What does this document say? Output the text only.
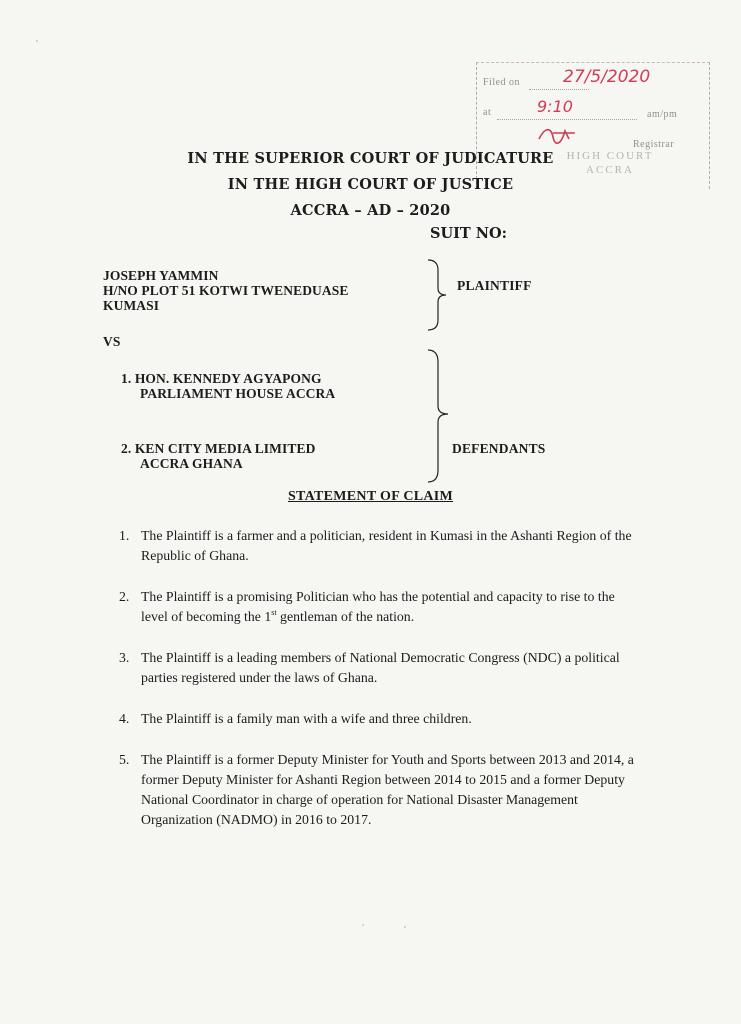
Filed on	27/5/2020
at	9:10	am/pm
Registrar
HIGH COURT
ACCRA
IN THE SUPERIOR COURT OF JUDICATURE
IN THE HIGH COURT OF JUSTICE
ACCRA – AD – 2020
SUIT NO:
JOSEPH YAMMIN
H/NO PLOT 51 KOTWI TWENEDUASE
KUMASI
PLAINTIFF
VS
1. HON. KENNEDY AGYAPONG
PARLIAMENT HOUSE ACCRA
2. KEN CITY MEDIA LIMITED
ACCRA GHANA
DEFENDANTS
STATEMENT OF CLAIM
1. The Plaintiff is a farmer and a politician, resident in Kumasi in the Ashanti Region of the Republic of Ghana.
2. The Plaintiff is a promising Politician who has the potential and capacity to rise to the level of becoming the 1st gentleman of the nation.
3. The Plaintiff is a leading members of National Democratic Congress (NDC) a political parties registered under the laws of Ghana.
4. The Plaintiff is a family man with a wife and three children.
5. The Plaintiff is a former Deputy Minister for Youth and Sports between 2013 and 2014, a former Deputy Minister for Ashanti Region between 2014 to 2015 and a former Deputy National Coordinator in charge of operation for National Disaster Management Organization (NADMO) in 2016 to 2017.
